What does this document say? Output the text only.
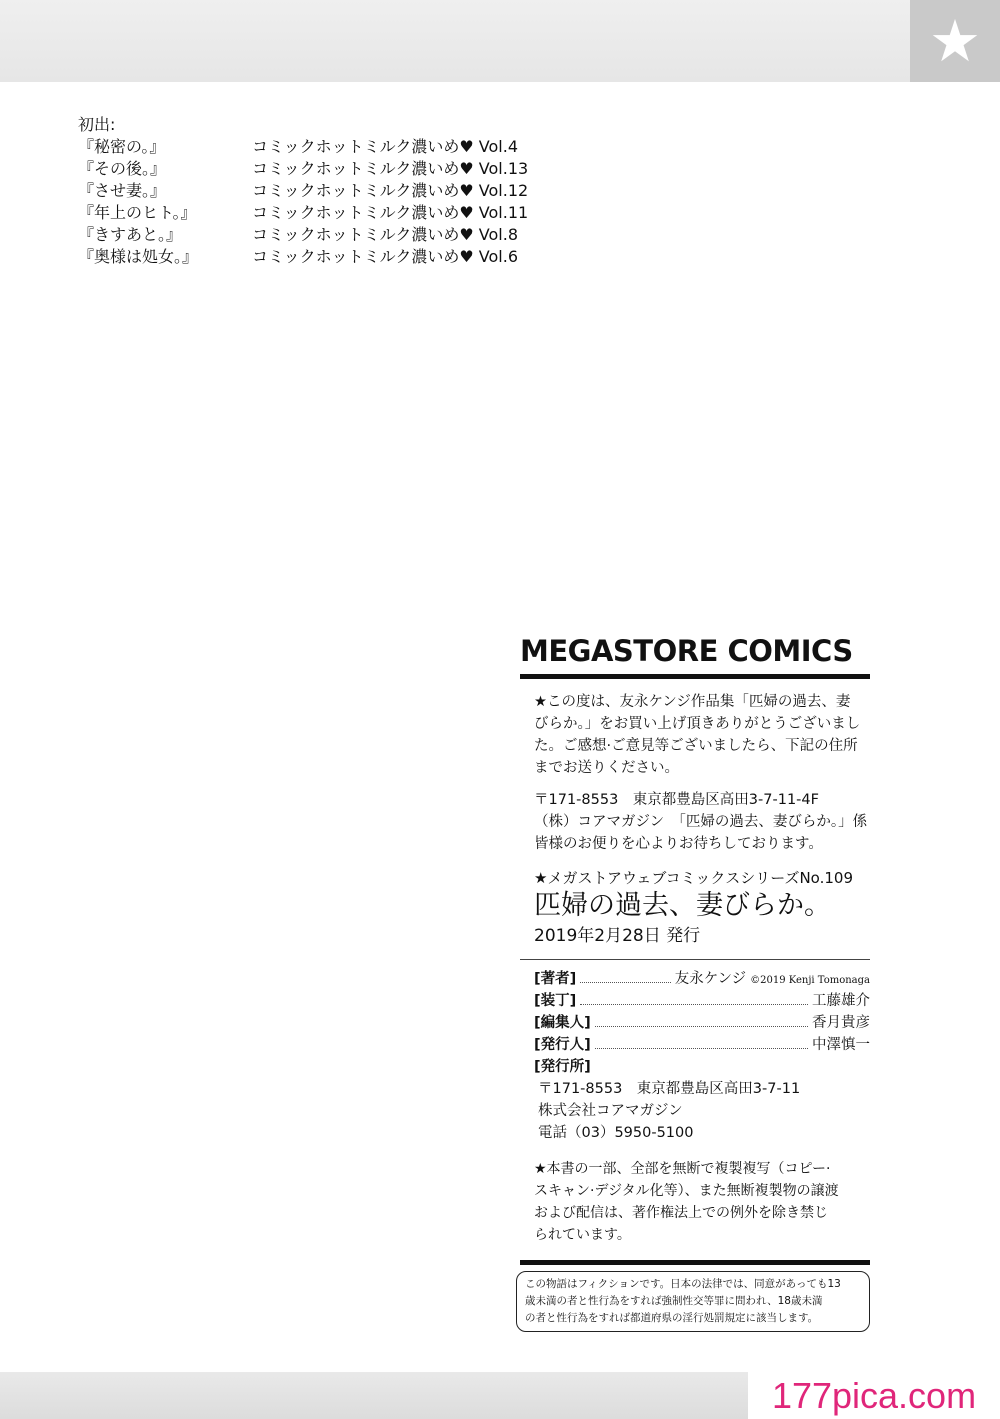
★
初出:
『秘密の。』	コミックホットミルク濃いめ♥ Vol.4
『その後。』	コミックホットミルク濃いめ♥ Vol.13
『させ妻。』	コミックホットミルク濃いめ♥ Vol.12
『年上のヒト。』	コミックホットミルク濃いめ♥ Vol.11
『きすあと。』	コミックホットミルク濃いめ♥ Vol.8
『奥様は処女。』	コミックホットミルク濃いめ♥ Vol.6
MEGASTORE COMICS

★この度は、友永ケンジ作品集「匹婦の過去、妻

びらか。」をお買い上げ頂きありがとうございまし

た。ご感想·ご意見等ございましたら、下記の住所

までお送りください。

〒171-8553　東京都豊島区高田3-7-11-4F

（株）コアマガジン　「匹婦の過去、妻びらか。」係

皆様のお便りを心よりお待ちしております。

★メガストアウェブコミックスシリーズNo.109
匹婦の過去、妻びらか。
2019年2月28日 発行
[著者]	友永ケンジ ©2019 Kenji Tomonaga
[装丁]	工藤雄介
[編集人]	香月貴彦
[発行人]	中澤慎一
[発行所]
〒171-8553　東京都豊島区高田3-7-11
株式会社コアマガジン
電話（03）5950-5100
★本書の一部、全部を無断で複製複写（コピー·
スキャン·デジタル化等）、また無断複製物の譲渡
および配信は、著作権法上での例外を除き禁じ
られています。
この物語はフィクションです。日本の法律では、同意があっても13
歳未満の者と性行為をすれば強制性交等罪に問われ、18歳未満
の者と性行為をすれば都道府県の淫行処罰規定に該当します。
177pica.com
